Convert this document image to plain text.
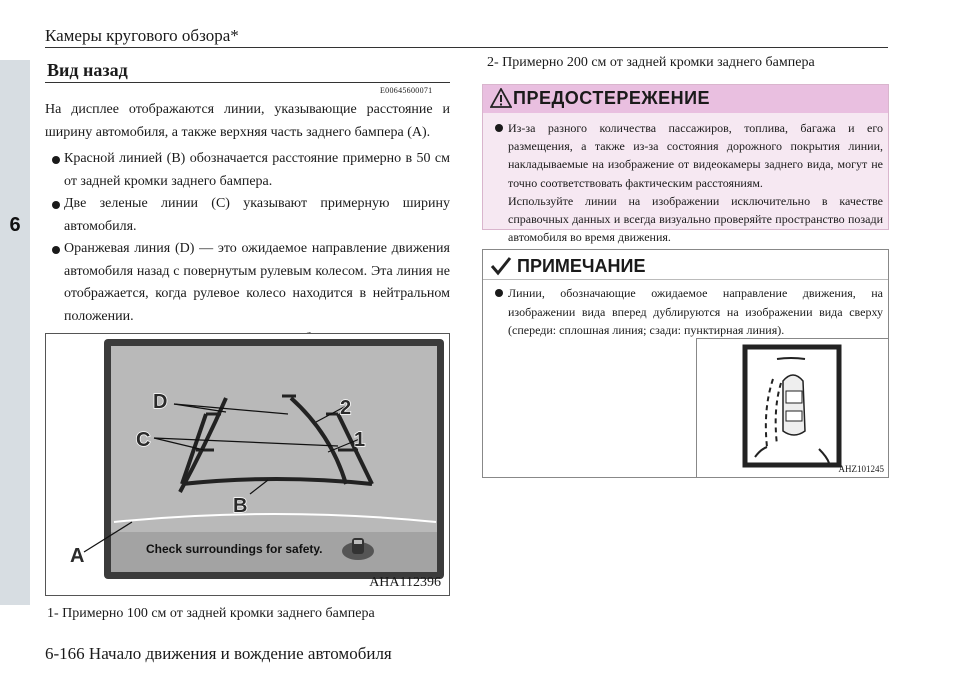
6
Камеры кругового обзора*
Вид назад
E00645600071

На дисплее отображаются линии, указывающие расстояние и ширину автомобиля, а также верхняя часть заднего бампера (A).

Красной линией (B) обозначается расстояние примерно в 50 см от задней кромки заднего бампера.
Две зеленые линии (C) указывают примерную ширину автомобиля.
Оранжевая линия (D) — это ожидаемое направление движения автомобиля назад с повернутым рулевым колесом. Эта линия не отображается, когда рулевое колесо находится в нейтральном положении.
D
C
2
1
B
A	Check surroundings for safety.
AHA112396
1- Примерно 100 см от задней кромки заднего бампера
2- Примерно 200 см от задней кромки заднего бампера
ПРЕДОСТЕРЕЖЕНИЕ
Из-за разного количества пассажиров, топлива, багажа и его размещения, а также из-за состояния дорожного покрытия линии, накладываемые на изображение от видеокамеры заднего вида, могут не точно соответствовать фактическим расстояниям.
Используйте линии на изображении исключительно в качестве справочных данных и всегда визуально проверяйте пространство позади автомобиля во время движения.
ПРИМЕЧАНИЕ
Линии, обозначающие ожидаемое направление движения, на изображении вида вперед дублируются на изображении вида сверху (спереди: сплошная линия; сзади: пунктирная линия).
AHZ101245
6-166 Начало движения и вождение автомобиля
